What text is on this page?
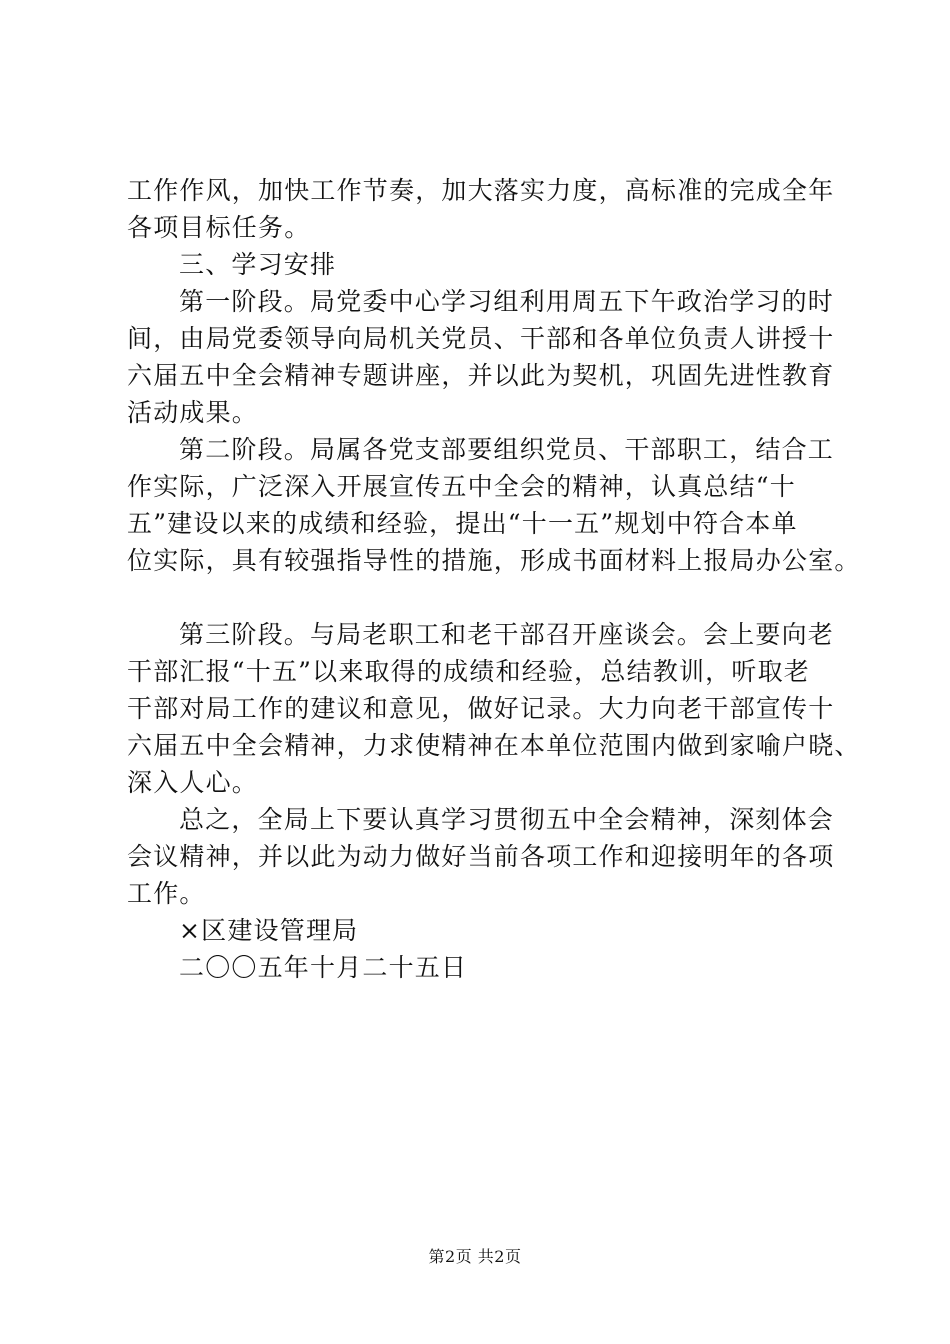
工作作风，加快工作节奏，加大落实力度，高标准的完成全年
各项目标任务。
三、学习安排
第一阶段。局党委中心学习组利用周五下午政治学习的时
间，由局党委领导向局机关党员、干部和各单位负责人讲授十
六届五中全会精神专题讲座，并以此为契机，巩固先进性教育
活动成果。
第二阶段。局属各党支部要组织党员、干部职工，结合工
作实际，广泛深入开展宣传五中全会的精神，认真总结“十
五”建设以来的成绩和经验，提出“十一五”规划中符合本单
位实际，具有较强指导性的措施，形成书面材料上报局办公室。
第三阶段。与局老职工和老干部召开座谈会。会上要向老
干部汇报“十五”以来取得的成绩和经验，总结教训，听取老
干部对局工作的建议和意见，做好记录。大力向老干部宣传十
六届五中全会精神，力求使精神在本单位范围内做到家喻户晓、
深入人心。
总之，全局上下要认真学习贯彻五中全会精神，深刻体会
会议精神，并以此为动力做好当前各项工作和迎接明年的各项
工作。
×区建设管理局
二〇〇五年十月二十五日
第2页 共2页
